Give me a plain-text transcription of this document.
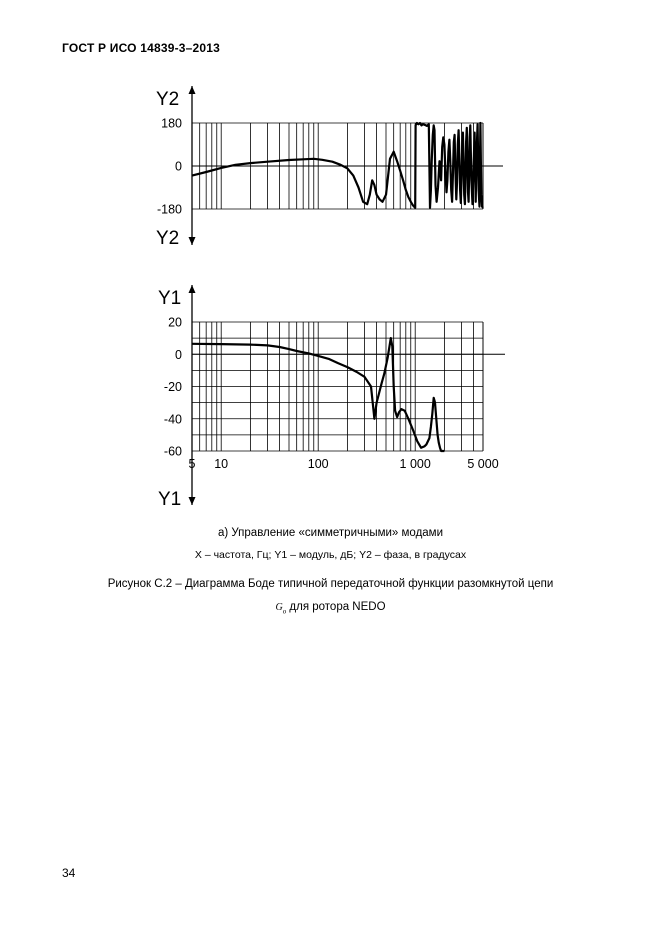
ГОСТ Р ИСО 14839-3–2013
180
0
-180
Y2
Y2
20
0
-20
-40
-60
5 10	100	1 000	5 000
Y1
Y1
а) Управление «симметричными» модами
X – частота, Гц; Y1 – модуль, дБ; Y2 – фаза, в градусах
Рисунок С.2 – Диаграмма Боде типичной передаточной функции разомкнутой цепи
$G_o$ для ротора NEDO
34
